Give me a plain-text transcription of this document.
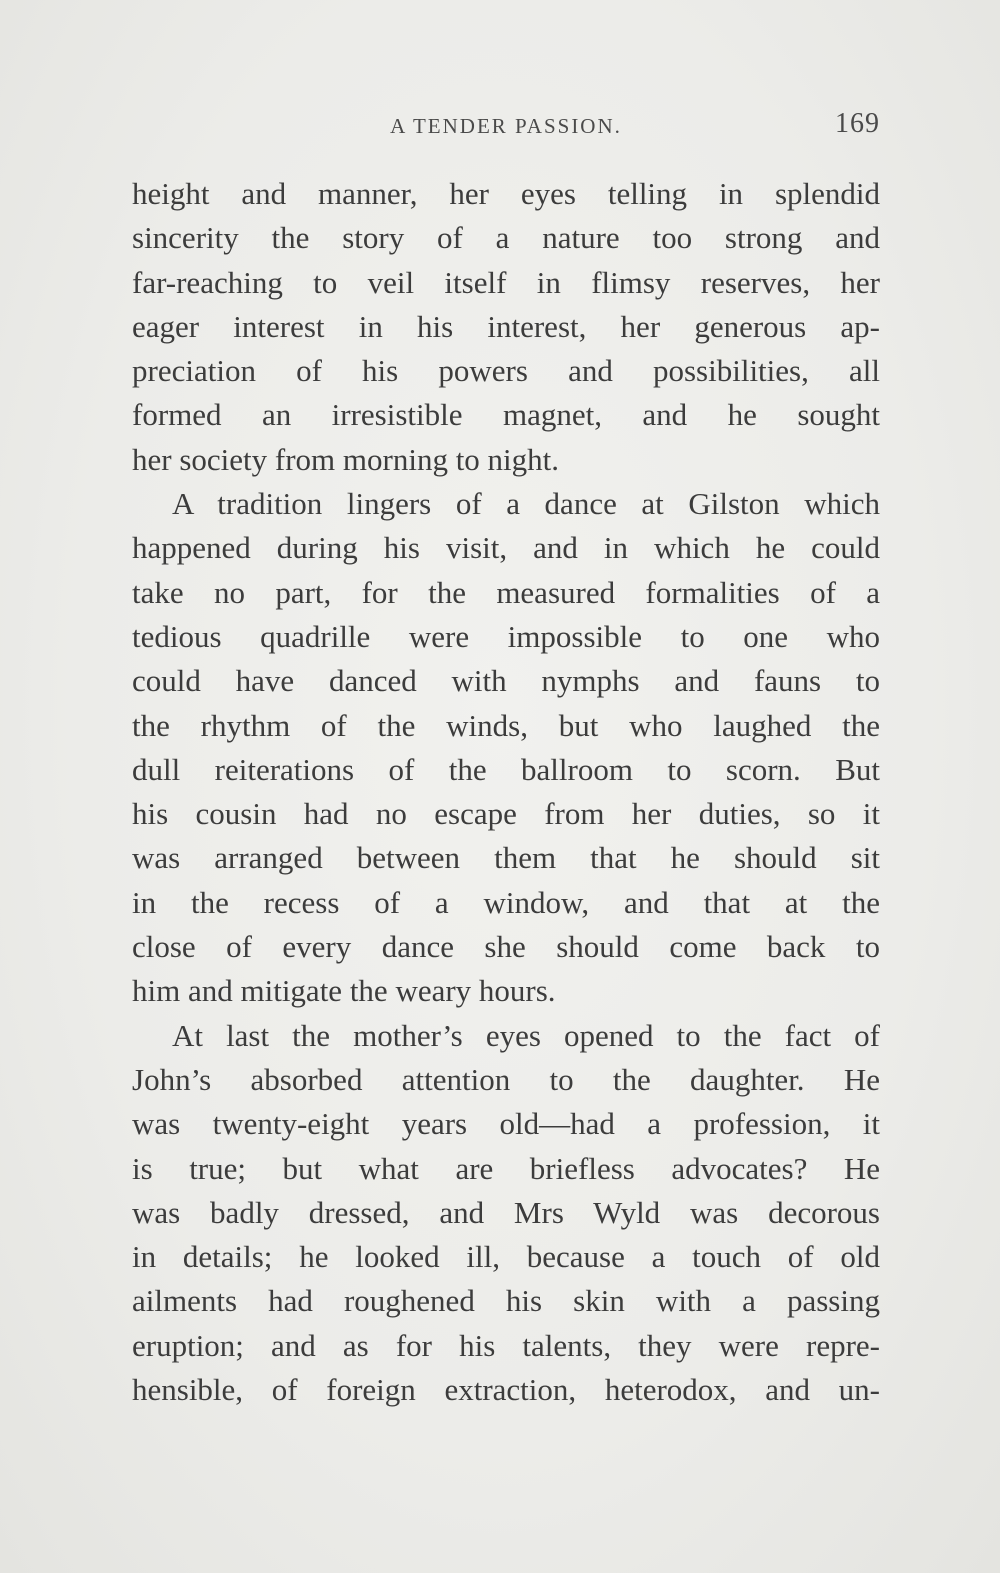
A TENDER PASSION.	169
height and manner, her eyes telling in splendid
sincerity the story of a nature too strong and
far-reaching to veil itself in flimsy reserves, her
eager interest in his interest, her generous ap-
preciation of his powers and possibilities, all
formed an irresistible magnet, and he sought
her society from morning to night.
A tradition lingers of a dance at Gilston which
happened during his visit, and in which he could
take no part, for the measured formalities of a
tedious quadrille were impossible to one who
could have danced with nymphs and fauns to
the rhythm of the winds, but who laughed the
dull reiterations of the ballroom to scorn. But
his cousin had no escape from her duties, so it
was arranged between them that he should sit
in the recess of a window, and that at the
close of every dance she should come back to
him and mitigate the weary hours.
At last the mother’s eyes opened to the fact of
John’s absorbed attention to the daughter. He
was twenty-eight years old—had a profession, it
is true; but what are briefless advocates? He
was badly dressed, and Mrs Wyld was decorous
in details; he looked ill, because a touch of old
ailments had roughened his skin with a passing
eruption; and as for his talents, they were repre-
hensible, of foreign extraction, heterodox, and un-
